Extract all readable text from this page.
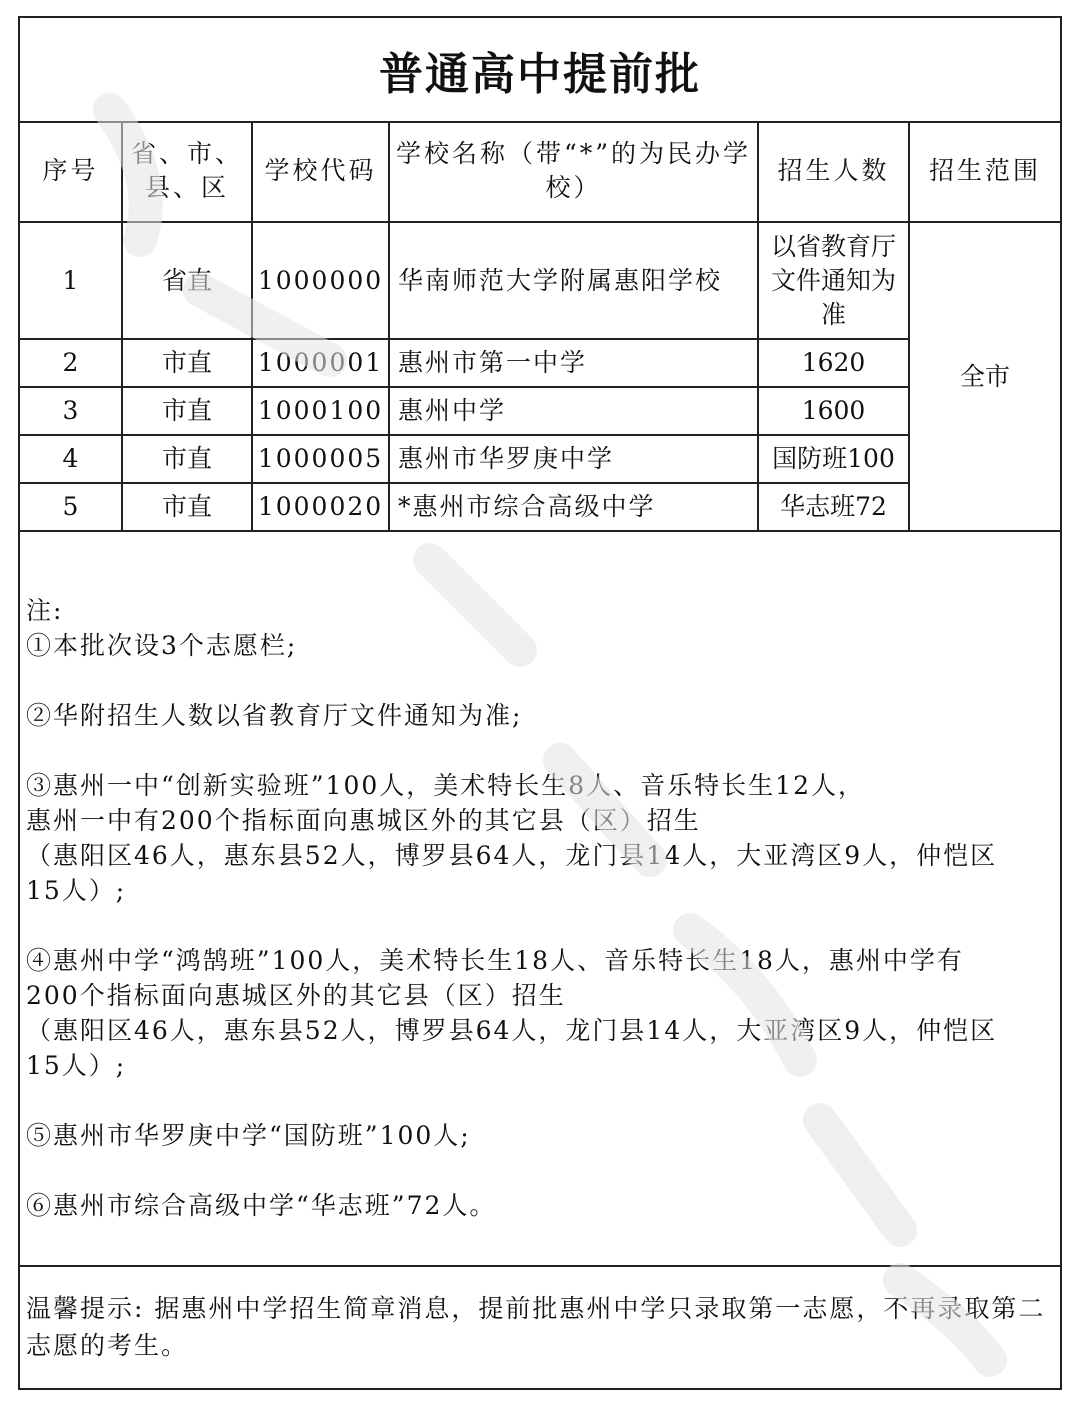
普通高中提前批
序号	省、市、县、区	学校代码	学校名称（带“*”的为民办学校）	招生人数	招生范围
1	省直	1000000	华南师范大学附属惠阳学校	以省教育厅文件通知为准	全市
2	市直	1000001	惠州市第一中学	1620	
3	市直	1000100	惠州中学	1600	
4	市直	1000005	惠州市华罗庚中学	国防班100	
5	市直	1000020	*惠州市综合高级中学	华志班72	

注:

①本批次设3个志愿栏;

②华附招生人数以省教育厅文件通知为准;

③惠州一中“创新实验班”100人，美术特长生8人、音乐特长生12人，

惠州一中有200个指标面向惠城区外的其它县（区）招生

（惠阳区46人，惠东县52人，博罗县64人，龙门县14人，大亚湾区9人，仲恺区

15人）;

④惠州中学“鸿鹄班”100人，美术特长生18人、音乐特长生18人，惠州中学有

200个指标面向惠城区外的其它县（区）招生

（惠阳区46人，惠东县52人，博罗县64人，龙门县14人，大亚湾区9人，仲恺区

15人）;

⑤惠州市华罗庚中学“国防班”100人;

⑥惠州市综合高级中学“华志班”72人。

温馨提示: 据惠州中学招生简章消息，提前批惠州中学只录取第一志愿，不再录取第二志愿的考生。
